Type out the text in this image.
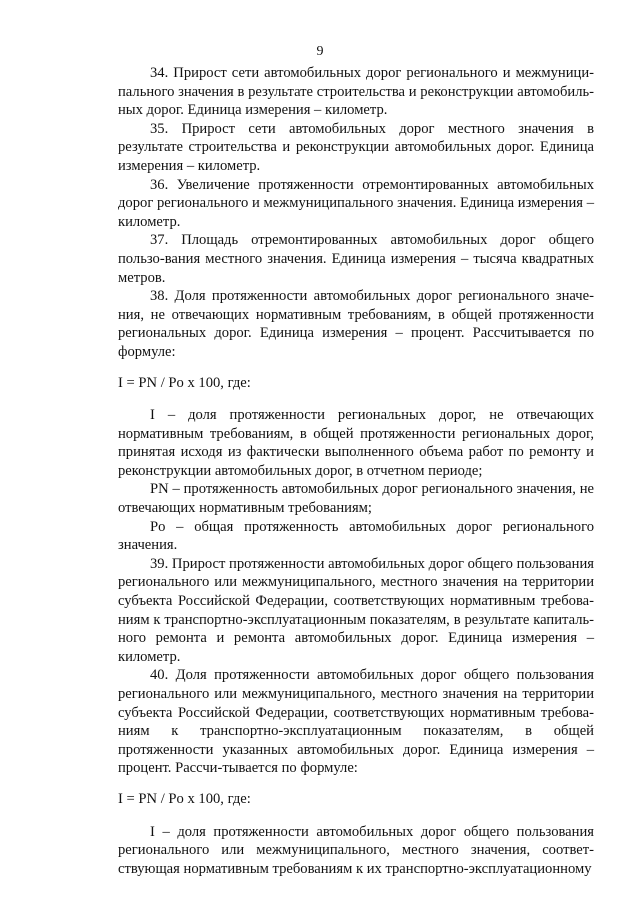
9

34. Прирост сети автомобильных дорог регионального и межмуници-пального значения в результате строительства и реконструкции автомобиль-ных дорог. Единица измерения – километр.

35. Прирост сети автомобильных дорог местного значения в результате строительства и реконструкции автомобильных дорог. Единица измерения – километр.

36. Увеличение протяженности отремонтированных автомобильных дорог регионального и межмуниципального значения. Единица измерения – километр.

37. Площадь отремонтированных автомобильных дорог общего пользо-вания местного значения. Единица измерения – тысяча квадратных метров.

38. Доля протяженности автомобильных дорог регионального значе-ния, не отвечающих нормативным требованиям, в общей протяженности региональных дорог. Единица измерения – процент. Рассчитывается по формуле:

I = PN / Po x 100, где:

I – доля протяженности региональных дорог, не отвечающих нормативным требованиям, в общей протяженности региональных дорог, принятая исходя из фактически выполненного объема работ по ремонту и реконструкции автомобильных дорог, в отчетном периоде;

PN – протяженность автомобильных дорог регионального значения, не отвечающих нормативным требованиям;

Po – общая протяженность автомобильных дорог регионального значения.

39. Прирост протяженности автомобильных дорог общего пользования регионального или межмуниципального, местного значения на территории субъекта Российской Федерации, соответствующих нормативным требова-ниям к транспортно-эксплуатационным показателям, в результате капиталь-ного ремонта и ремонта автомобильных дорог. Единица измерения – километр.

40. Доля протяженности автомобильных дорог общего пользования регионального или межмуниципального, местного значения на территории субъекта Российской Федерации, соответствующих нормативным требова-ниям к транспортно-эксплуатационным показателям, в общей протяженности указанных автомобильных дорог. Единица измерения – процент. Рассчи-тывается по формуле:

I = PN / Po x 100, где:

I – доля протяженности автомобильных дорог общего пользования регионального или межмуниципального, местного значения, соответ-ствующая нормативным требованиям к их транспортно-эксплуатационному
